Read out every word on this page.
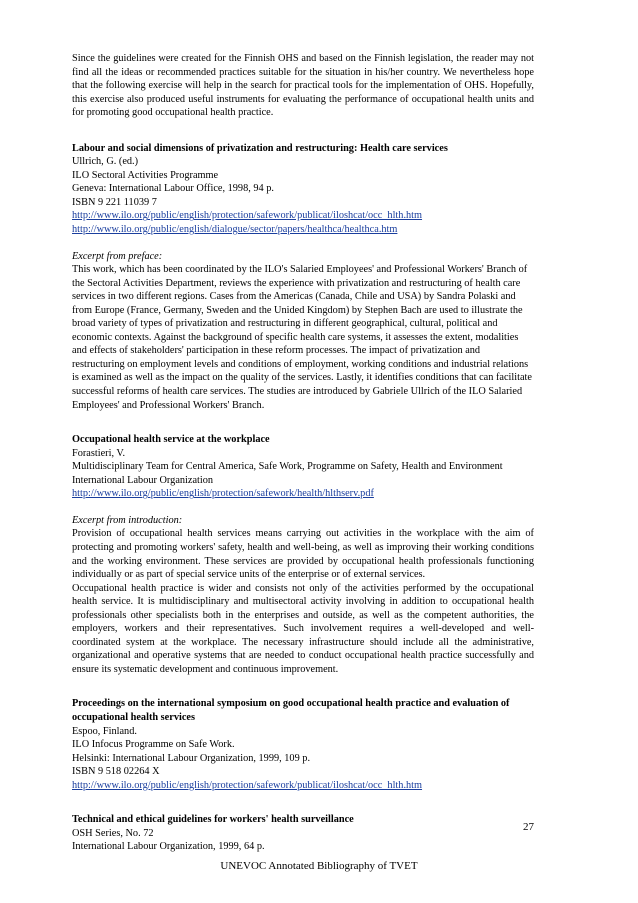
Since the guidelines were created for the Finnish OHS and based on the Finnish legislation, the reader may not find all the ideas or recommended practices suitable for the situation in his/her country. We nevertheless hope that the following exercise will help in the search for practical tools for the implementation of OHS. Hopefully, this exercise also produced useful instruments for evaluating the performance of occupational health units and for promoting good occupational health practice.

Labour and social dimensions of privatization and restructuring: Health care services

Ullrich, G. (ed.)

ILO Sectoral Activities Programme

Geneva: International Labour Office, 1998, 94 p.

ISBN 9 221 11039 7

http://www.ilo.org/public/english/protection/safework/publicat/iloshcat/occ_hlth.htm
http://www.ilo.org/public/english/dialogue/sector/papers/healthca/healthca.htm

Excerpt from preface:

This work, which has been coordinated by the ILO's Salaried Employees' and Professional Workers' Branch of the Sectoral Activities Department, reviews the experience with privatization and restructuring of health care services in two different regions. Cases from the Americas (Canada, Chile and USA) by Sandra Polaski and from Europe (France, Germany, Sweden and the Unided Kingdom) by Stephen Bach are used to illustrate the broad variety of types of privatization and restructuring in different geographical, cultural, political and economic contexts. Against the background of specific health care systems, it assesses the extent, modalities and effects of stakeholders' participation in these reform processes. The impact of privatization and restructuring on employment levels and conditions of employment, working conditions and industrial relations is examined as well as the impact on the quality of the services. Lastly, it identifies conditions that can facilitate successful reforms of health care services. The studies are introduced by Gabriele Ullrich of the ILO Salaried Employees' and Professional Workers' Branch.

Occupational health service at the workplace

Forastieri, V.

Multidisciplinary Team for Central America, Safe Work, Programme on Safety, Health and Environment

International Labour Organization

http://www.ilo.org/public/english/protection/safework/health/hlthserv.pdf

Excerpt from introduction:

Provision of occupational health services means carrying out activities in the workplace with the aim of protecting and promoting workers' safety, health and well-being, as well as improving their working conditions and the working environment. These services are provided by occupational health professionals functioning individually or as part of special service units of the enterprise or of external services.

Occupational health practice is wider and consists not only of the activities performed by the occupational health service. It is multidisciplinary and multisectoral activity involving in addition to occupational health professionals other specialists both in the enterprises and outside, as well as the competent authorities, the employers, workers and their representatives. Such involvement requires a well-developed and well-coordinated system at the workplace. The necessary infrastructure should include all the administrative, organizational and operative systems that are needed to conduct occupational health practice successfully and ensure its systematic development and continuous improvement.

Proceedings on the international symposium on good occupational health practice and evaluation of occupational health services

Espoo, Finland.

ILO Infocus Programme on Safe Work.

Helsinki: International Labour Organization, 1999, 109 p.

ISBN 9 518 02264 X

http://www.ilo.org/public/english/protection/safework/publicat/iloshcat/occ_hlth.htm

Technical and ethical guidelines for workers' health surveillance

OSH Series, No. 72

International Labour Organization, 1999, 64 p.

27
UNEVOC Annotated Bibliography of TVET
